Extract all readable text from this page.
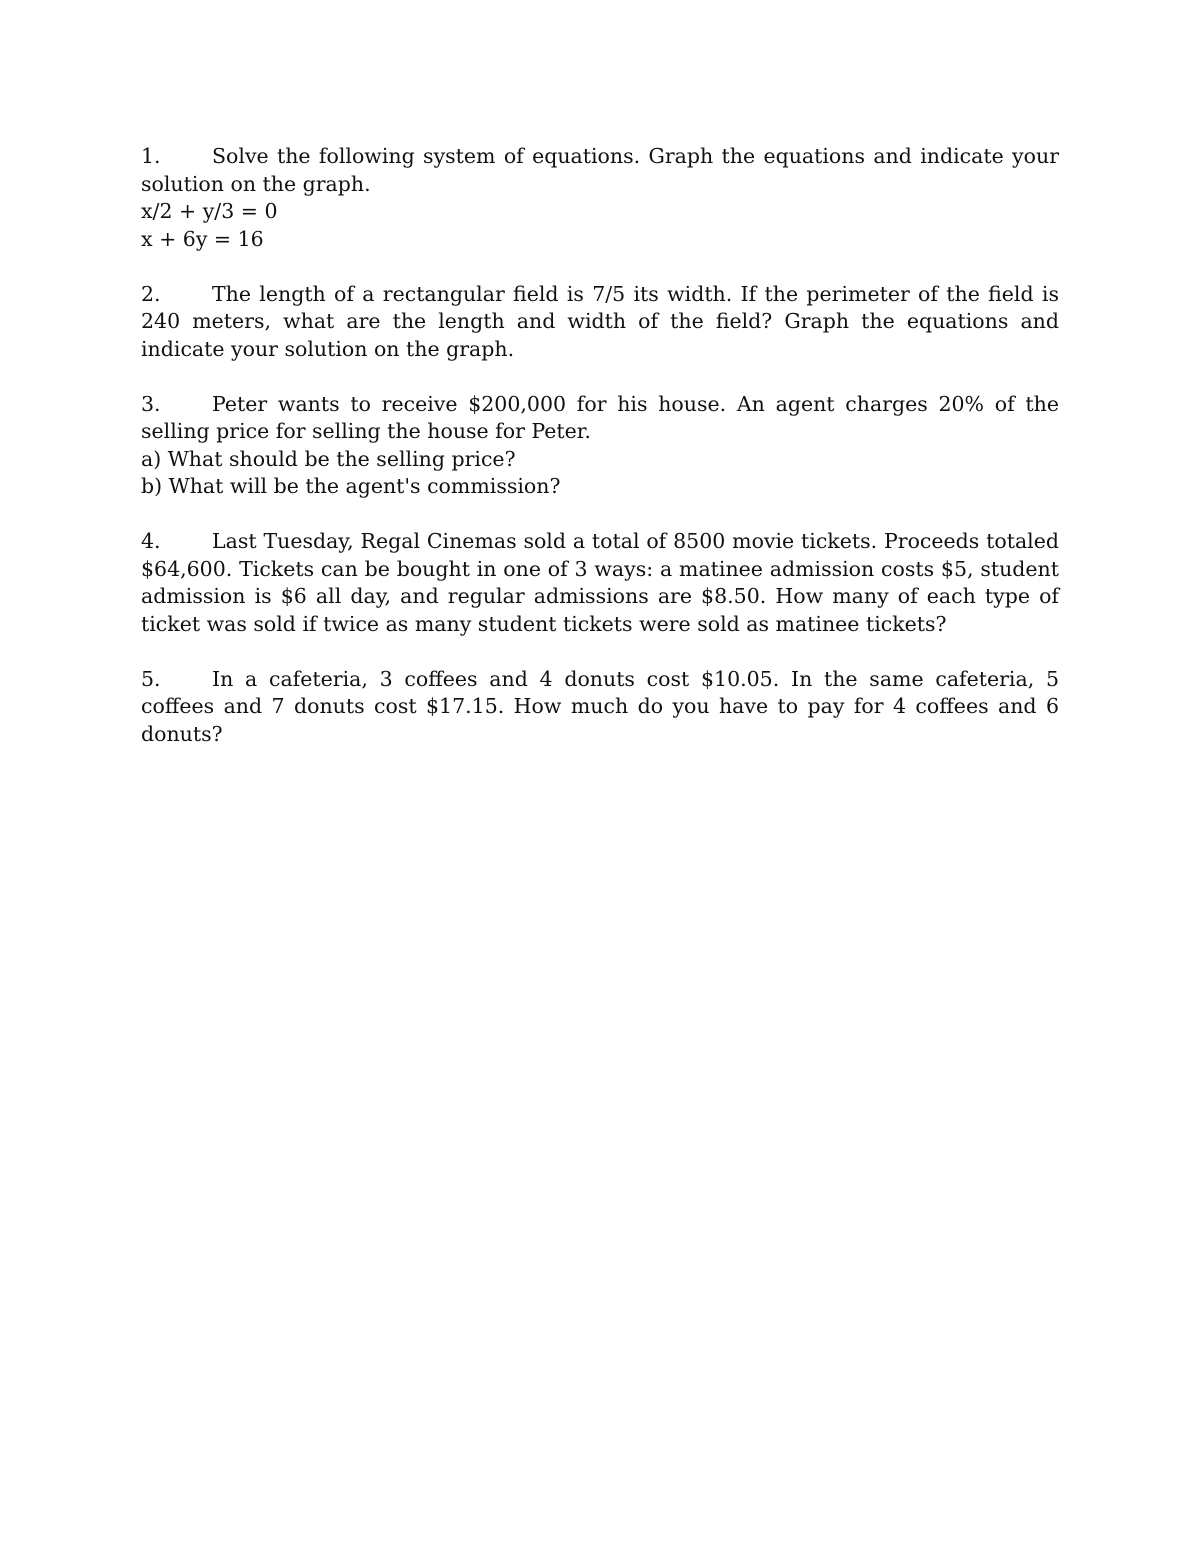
1.	Solve the following system of equations. Graph the equations and indicate your solution on the graph.

x/2 + y/3 = 0
x + 6y = 16

2.	The length of a rectangular field is 7/5 its width. If the perimeter of the field is 240 meters, what are the length and width of the field? Graph the equations and indicate your solution on the graph.

3.	Peter wants to receive $200,000 for his house. An agent charges 20% of the selling price for selling the house for Peter.

a) What should be the selling price?
b) What will be the agent's commission?

4.	Last Tuesday, Regal Cinemas sold a total of 8500 movie tickets. Proceeds totaled $64,600. Tickets can be bought in one of 3 ways: a matinee admission costs $5, student admission is $6 all day, and regular admissions are $8.50. How many of each type of ticket was sold if twice as many student tickets were sold as matinee tickets?

5.	In a cafeteria, 3 coffees and 4 donuts cost $10.05. In the same cafeteria, 5 coffees and 7 donuts cost $17.15. How much do you have to pay for 4 coffees and 6 donuts?
